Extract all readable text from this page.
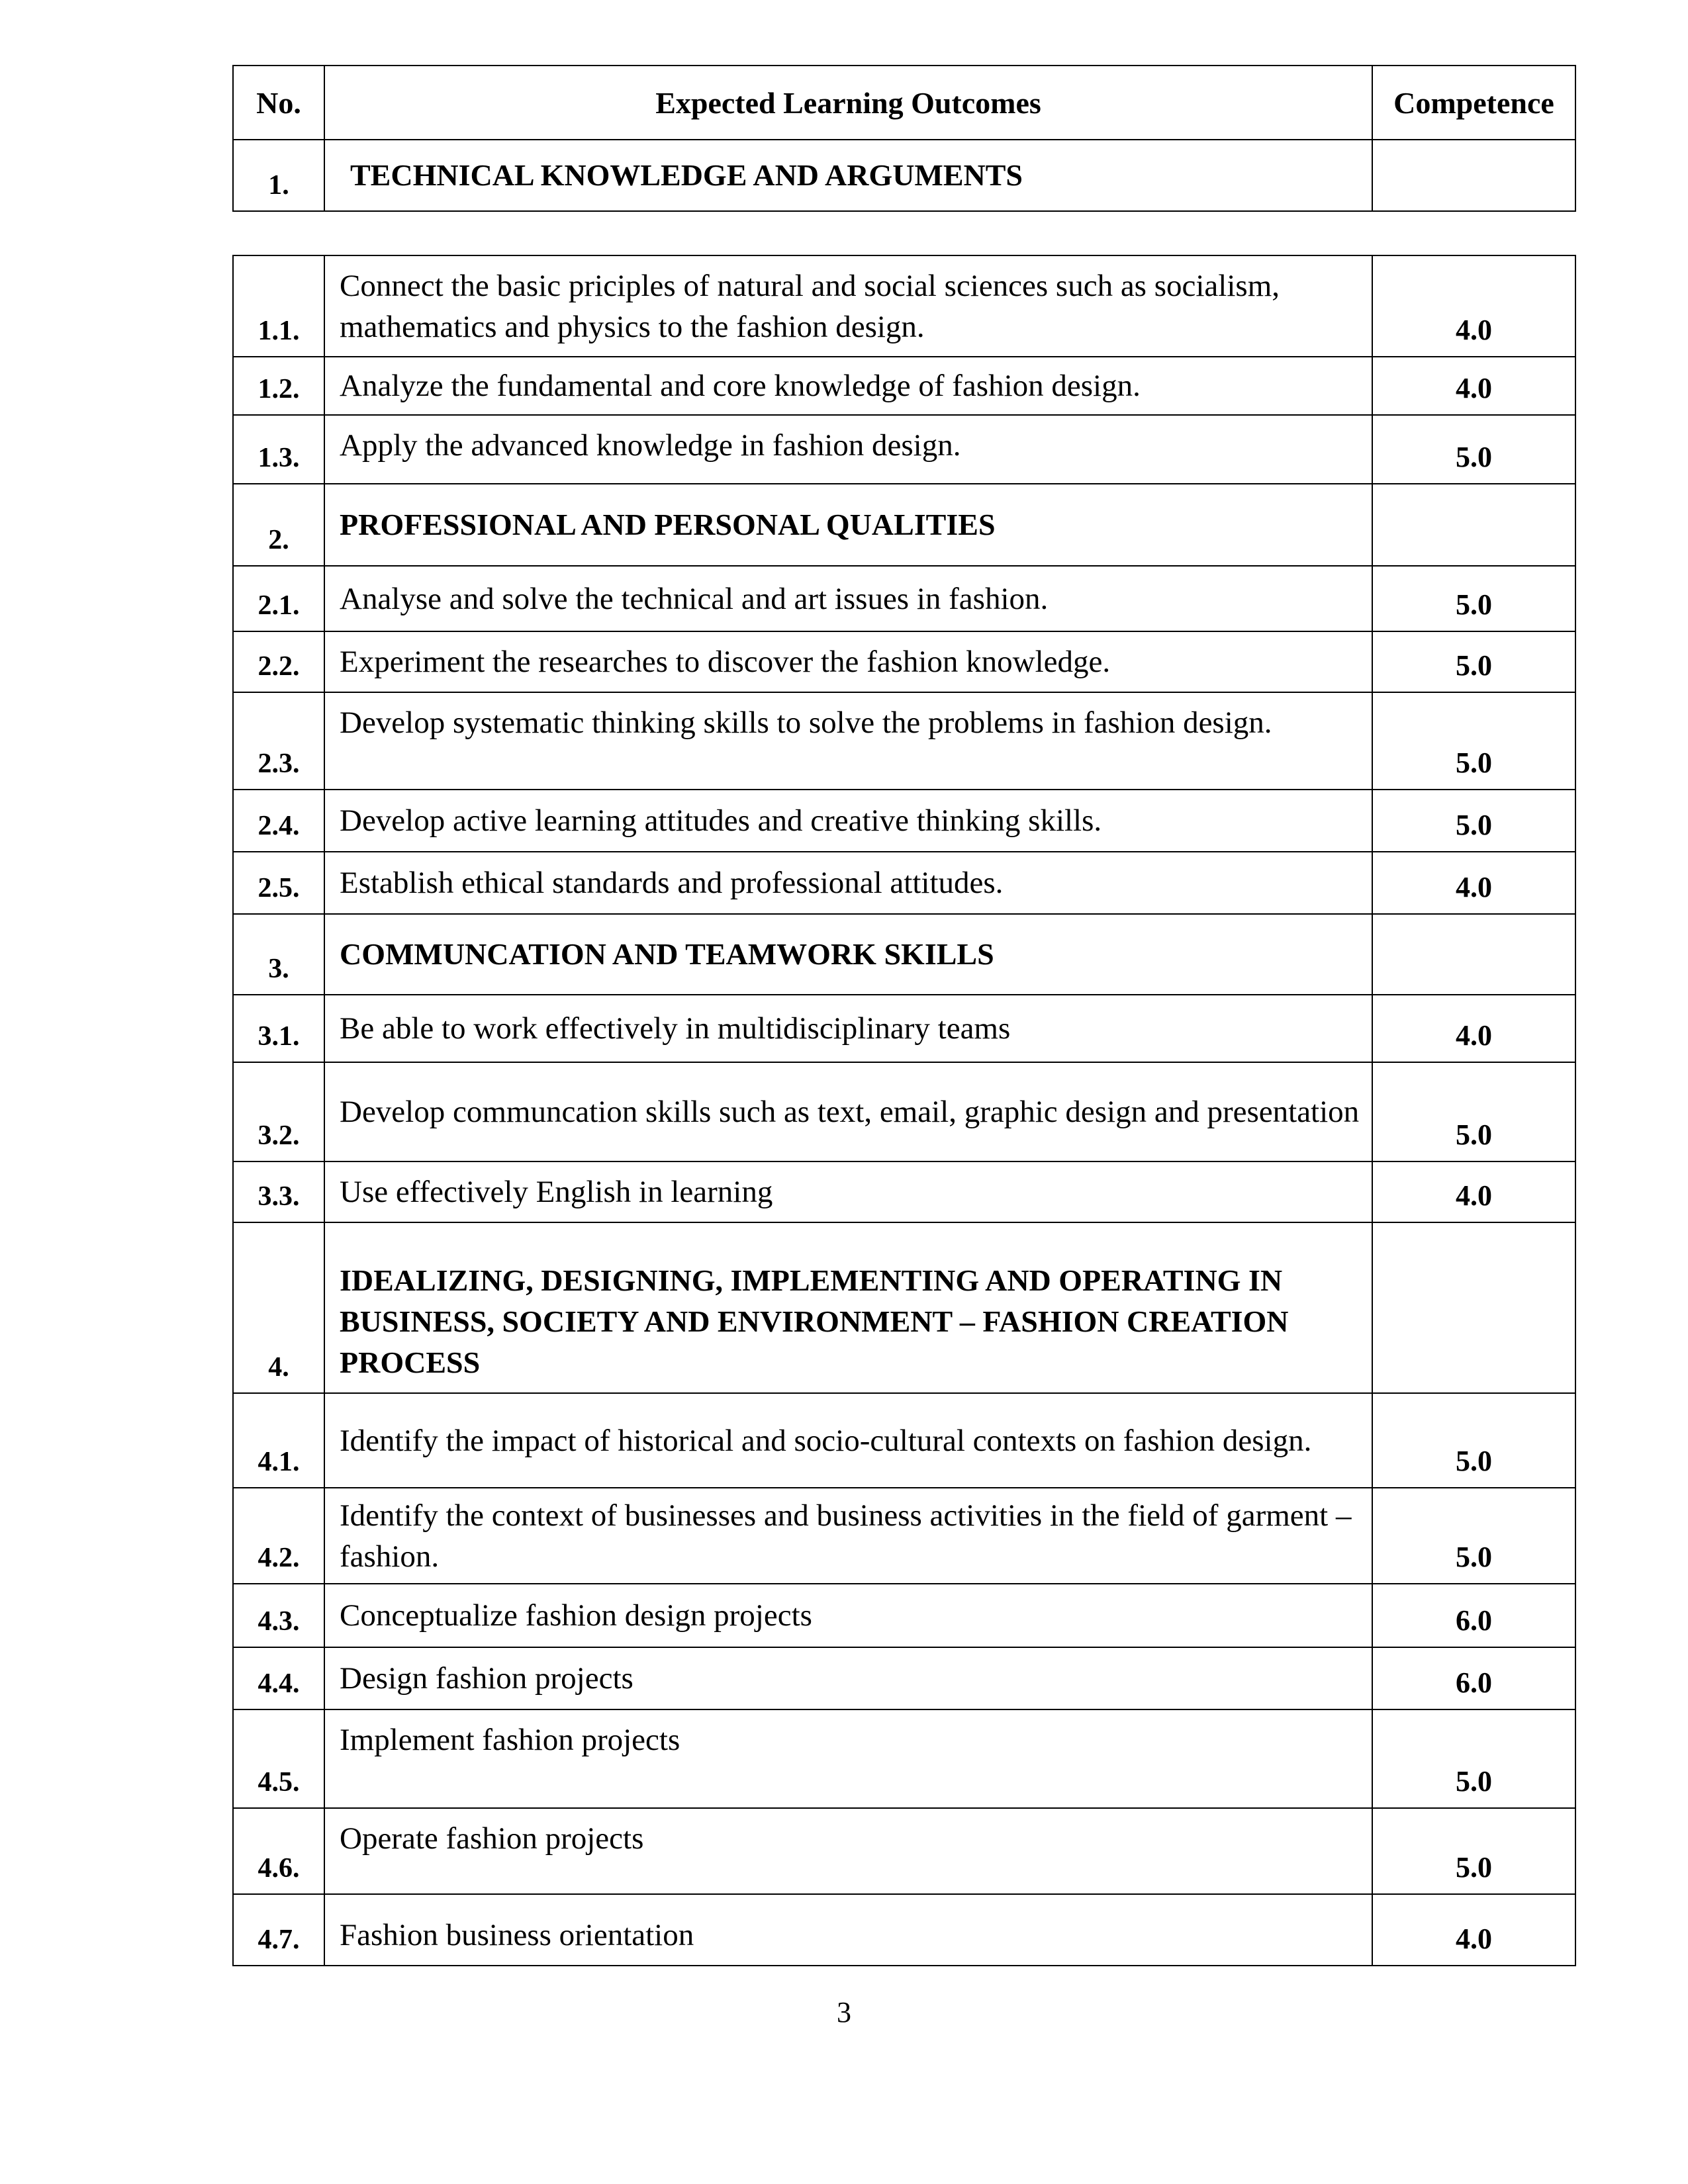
No.	Expected Learning Outcomes	Competence
1.	TECHNICAL KNOWLEDGE AND ARGUMENTS	
1.1.	Connect the basic priciples of natural and social sciences such as socialism, mathematics and physics to the fashion design.	4.0
1.2.	Analyze the fundamental and core knowledge of fashion design.	4.0
1.3.	Apply the advanced knowledge in fashion design.	5.0
2.	PROFESSIONAL AND PERSONAL QUALITIES	
2.1.	Analyse and solve the technical and art issues in fashion.	5.0
2.2.	Experiment the researches to discover the fashion knowledge.	5.0
2.3.	Develop systematic thinking skills to solve the problems in fashion design.	5.0
2.4.	Develop active learning attitudes and creative thinking skills.	5.0
2.5.	Establish ethical standards and professional attitudes.	4.0
3.	COMMUNCATION AND TEAMWORK SKILLS	
3.1.	Be able to work effectively in multidisciplinary teams	4.0
3.2.	Develop communcation skills such as text, email, graphic design and presentation	5.0
3.3.	Use effectively English in learning	4.0
4.	IDEALIZING, DESIGNING, IMPLEMENTING AND OPERATING IN BUSINESS, SOCIETY AND ENVIRONMENT – FASHION CREATION PROCESS	
4.1.	Identify the impact of historical and socio-cultural contexts on fashion design.	5.0
4.2.	Identify the context of businesses and business activities in the field of garment – fashion.	5.0
4.3.	Conceptualize fashion design projects	6.0
4.4.	Design fashion projects	6.0
4.5.	Implement fashion projects	5.0
4.6.	Operate fashion projects	5.0
4.7.	Fashion business orientation	4.0
3
